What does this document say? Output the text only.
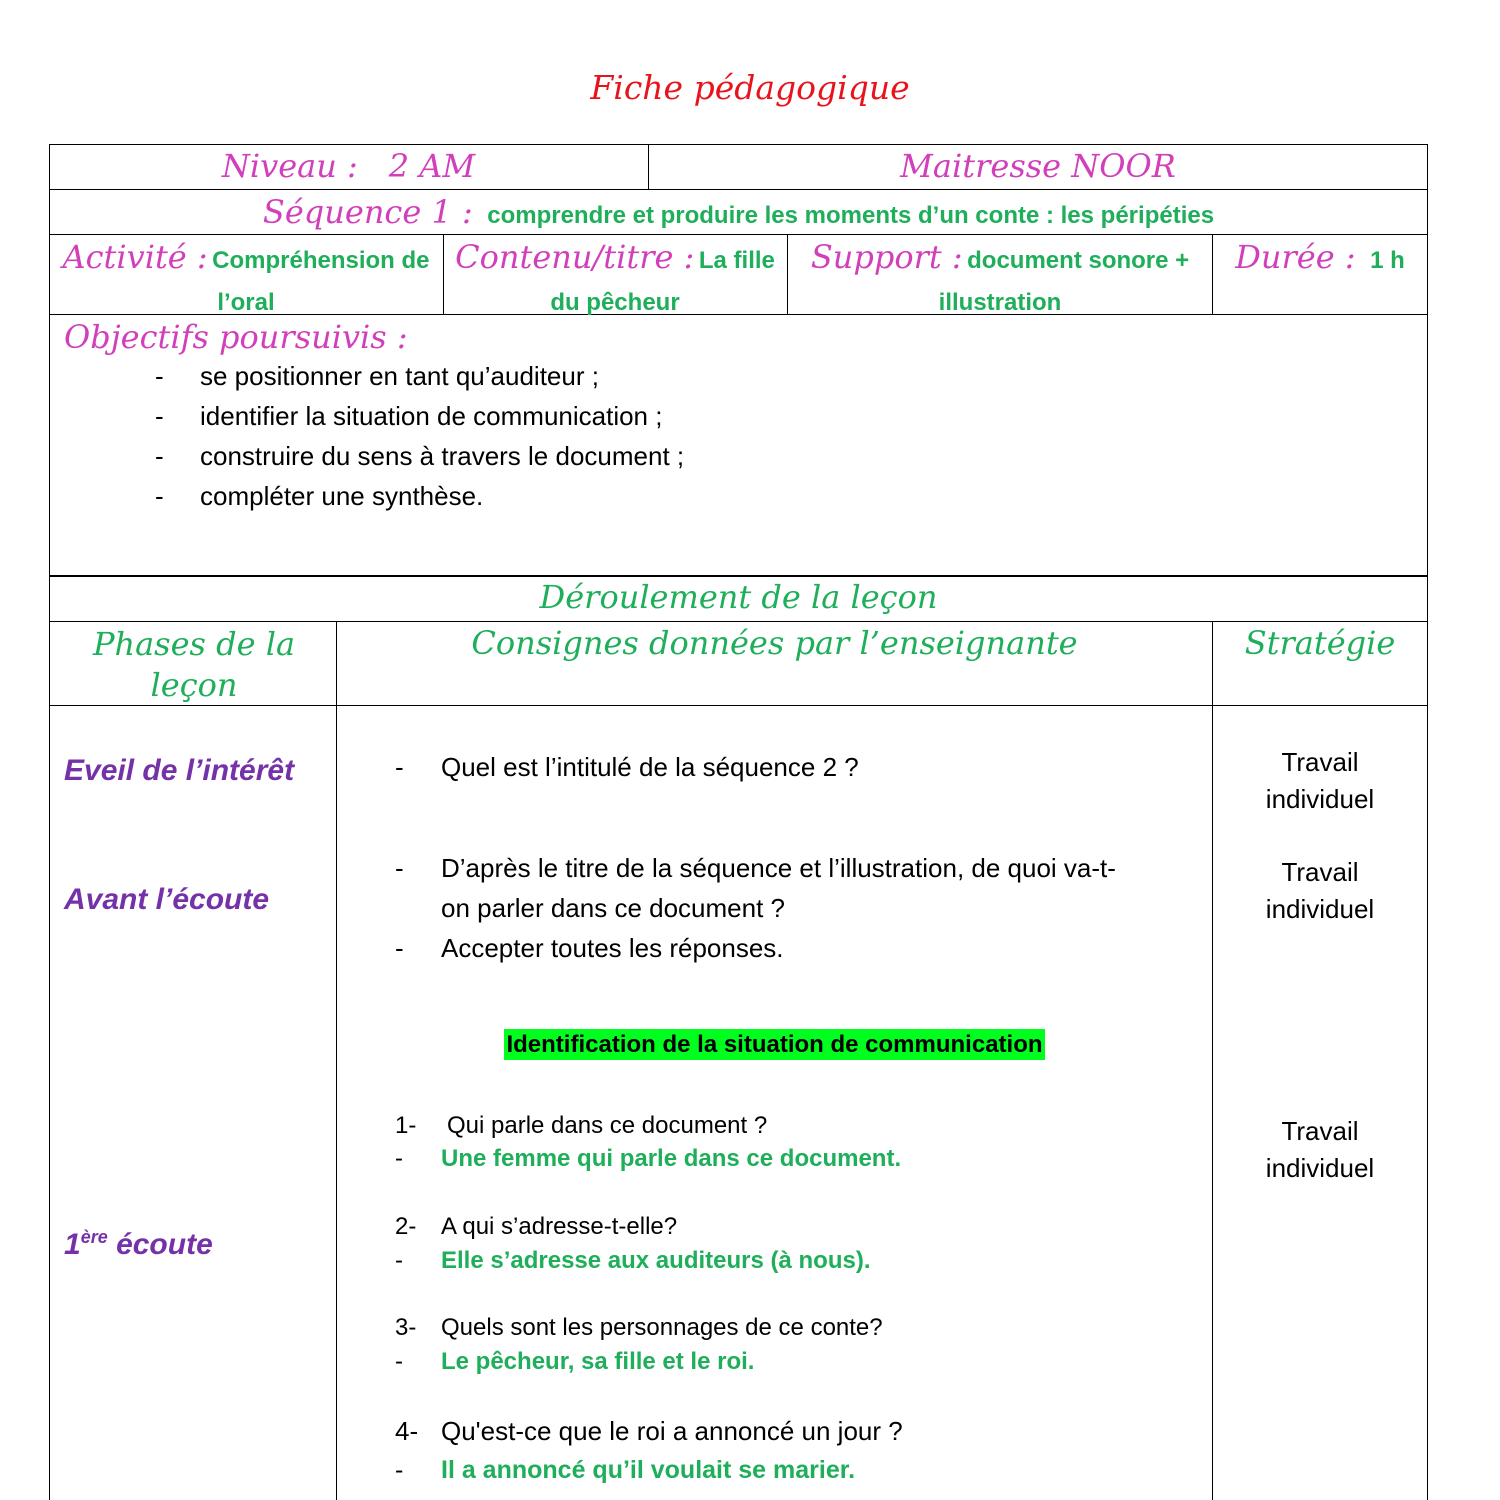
Fiche pédagogique
Niveau : 2 AM	Maitresse NOOR
Séquence 1 : comprendre et produire les moments d’un conte : les péripéties
Activité : Compréhension de l’oral
Contenu/titre : La fille du pêcheur
Support : document sonore + illustration
Durée : 1 h
Objectifs poursuivis :
- se positionner en tant qu’auditeur ;
- identifier la situation de communication ;
- construire du sens à travers le document ;
- compléter une synthèse.
Déroulement de la leçon
Phases de la leçon
Consignes données par l’enseignante	Stratégie
Eveil de l’intérêt
Avant l’écoute
1ère écoute
- Quel est l’intitulé de la séquence 2 ?
- D’après le titre de la séquence et l’illustration, de quoi va-t-
on parler dans ce document ?
- Accepter toutes les réponses.
Identification de la situation de communication
1- Qui parle dans ce document ?
- Une femme qui parle dans ce document.
2- A qui s’adresse-t-elle?
- Elle s’adresse aux auditeurs (à nous).
3- Quels sont les personnages de ce conte?
- Le pêcheur, sa fille et le roi.
4- Qu'est-ce que le roi a annoncé un jour ?
- Il a annoncé qu’il voulait se marier.
Travail
individuel
Travail
individuel
Travail
individuel
